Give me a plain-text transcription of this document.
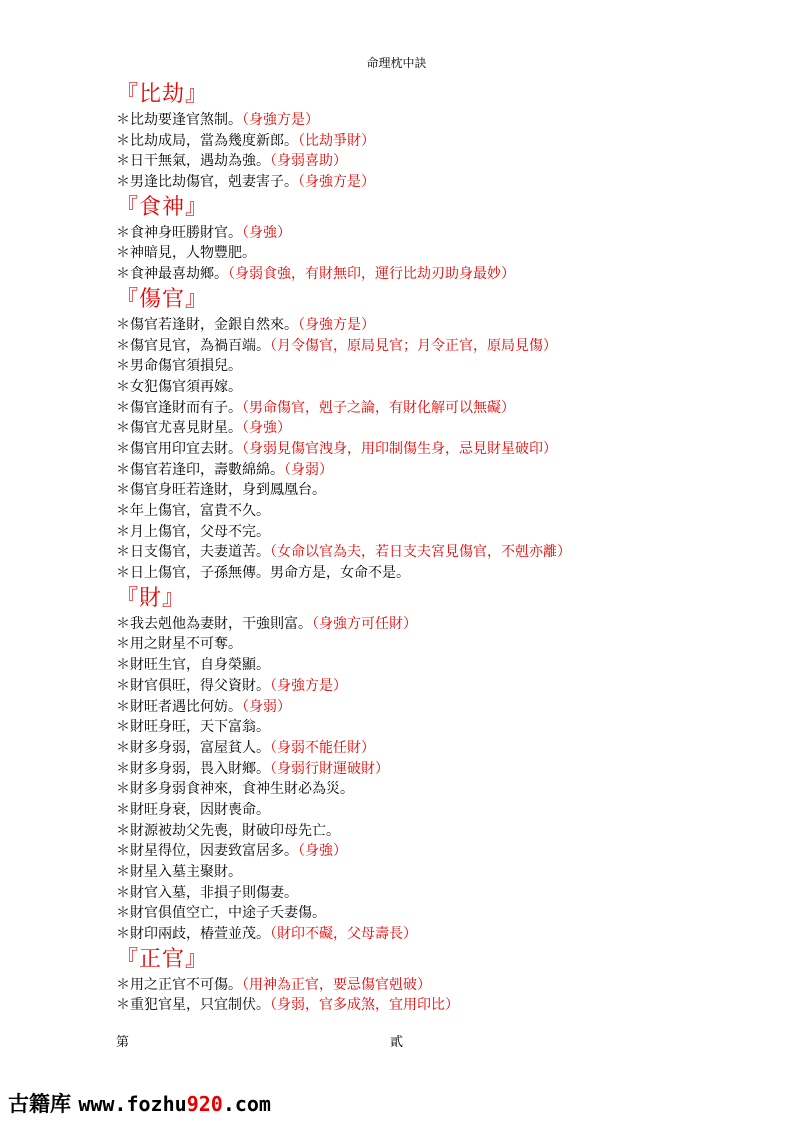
命理枕中訣
『比劫』
＊比劫要逢官煞制。（身強方是）
＊比劫成局，當為幾度新郎。（比劫爭財）
＊日干無氣，遇劫為強。（身弱喜助）
＊男逢比劫傷官，剋妻害子。（身強方是）
『食神』
＊食神身旺勝財官。（身強）
＊神暗見，人物豐肥。
＊食神最喜劫鄉。（身弱食強，有財無印，運行比劫刃助身最妙）
『傷官』
＊傷官若逢財，金銀自然來。（身強方是）
＊傷官見官，為禍百端。（月令傷官，原局見官；月令正官，原局見傷）
＊男命傷官須損兒。
＊女犯傷官須再嫁。
＊傷官逢財而有子。（男命傷官，剋子之論，有財化解可以無礙）
＊傷官尤喜見財星。（身強）
＊傷官用印宜去財。（身弱見傷官洩身，用印制傷生身，忌見財星破印）
＊傷官若逢印，壽數綿綿。（身弱）
＊傷官身旺若逢財，身到鳳凰台。
＊年上傷官，富貴不久。
＊月上傷官，父母不完。
＊日支傷官，夫妻道苦。（女命以官為夫，若日支夫宮見傷官，不剋亦離）
＊日上傷官，子孫無傳。男命方是，女命不是。
『財』
＊我去剋他為妻財，干強則富。（身強方可任財）
＊用之財星不可奪。
＊財旺生官，自身榮顯。
＊財官俱旺，得父資財。（身強方是）
＊財旺者遇比何妨。（身弱）
＊財旺身旺，天下富翁。
＊財多身弱，富屋貧人。（身弱不能任財）
＊財多身弱，畏入財鄉。（身弱行財運破財）
＊財多身弱食神來，食神生財必為災。
＊財旺身衰，因財喪命。
＊財源被劫父先喪，財破印母先亡。
＊財星得位，因妻致富居多。（身強）
＊財星入墓主聚財。
＊財官入墓，非損子則傷妻。
＊財官俱值空亡，中途子夭妻傷。
＊財印兩歧，椿萱並茂。（財印不礙，父母壽長）
『正官』
＊用之正官不可傷。（用神為正官，要忌傷官剋破）
＊重犯官星，只宜制伏。（身弱，官多成煞，宜用印比）
第	貳
古籍库 www.fozhu920.com
